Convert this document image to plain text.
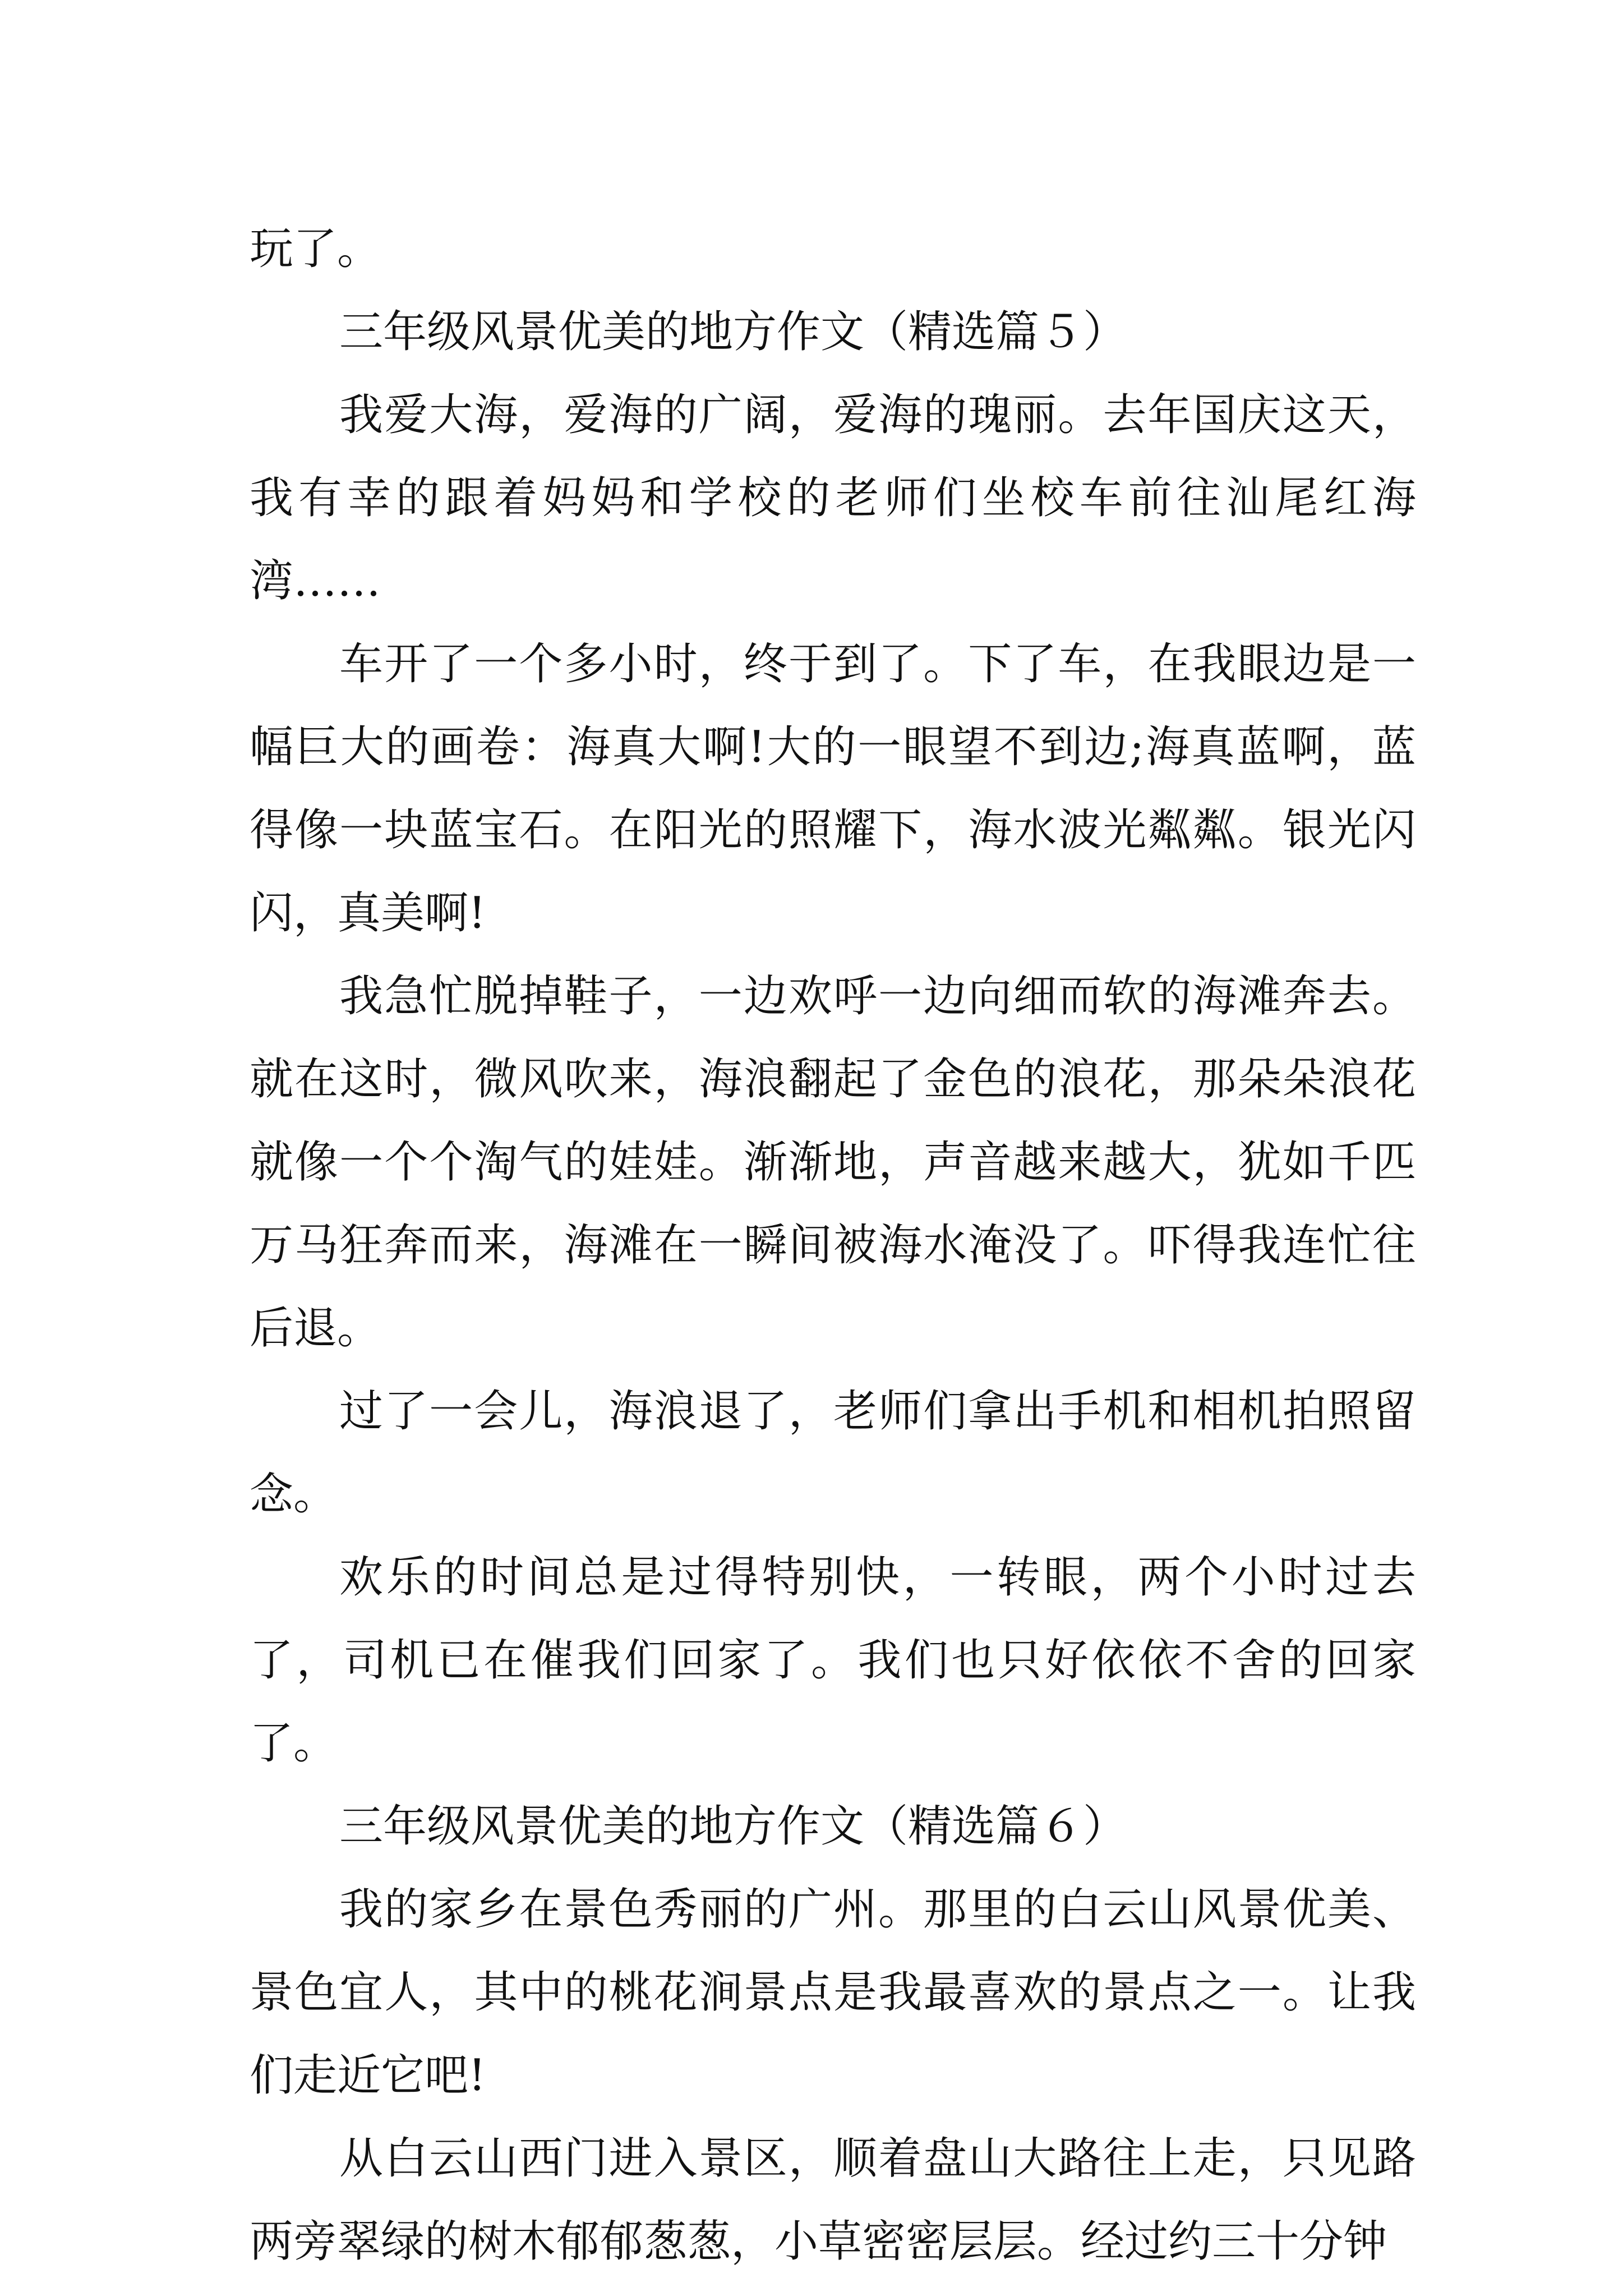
玩了。

三年级风景优美的地方作文（精选篇５）

我爱大海，爱海的广阔，爱海的瑰丽。去年国庆这天，我有幸的跟着妈妈和学校的老师们坐校车前往汕尾红海湾……

车开了一个多小时，终于到了。下了车，在我眼边是一幅巨大的画卷：海真大啊!大的一眼望不到边;海真蓝啊，蓝得像一块蓝宝石。在阳光的照耀下，海水波光粼粼。银光闪闪，真美啊!

我急忙脱掉鞋子，一边欢呼一边向细而软的海滩奔去。就在这时，微风吹来，海浪翻起了金色的浪花，那朵朵浪花就像一个个淘气的娃娃。渐渐地，声音越来越大，犹如千匹万马狂奔而来，海滩在一瞬间被海水淹没了。吓得我连忙往后退。

过了一会儿，海浪退了，老师们拿出手机和相机拍照留念。

欢乐的时间总是过得特别快，一转眼，两个小时过去了，司机已在催我们回家了。我们也只好依依不舍的回家了。

三年级风景优美的地方作文（精选篇６）

我的家乡在景色秀丽的广州。那里的白云山风景优美、景色宜人，其中的桃花涧景点是我最喜欢的景点之一。让我们走近它吧!

从白云山西门进入景区，顺着盘山大路往上走，只见路两旁翠绿的树木郁郁葱葱，小草密密层层。经过约三十分钟
